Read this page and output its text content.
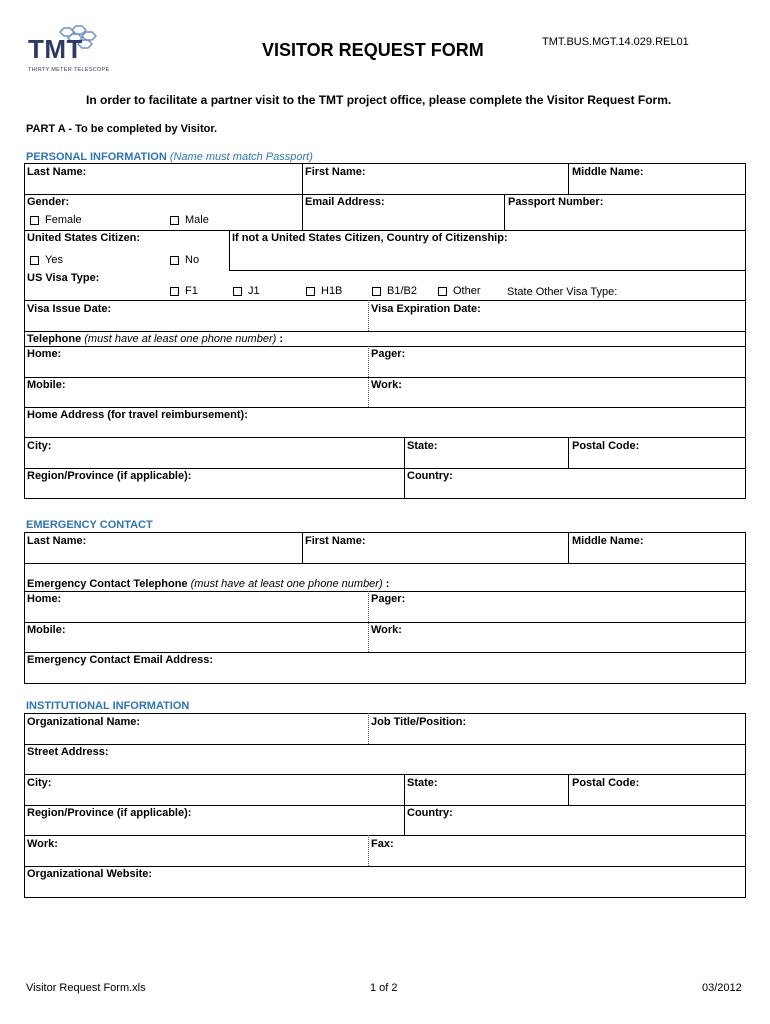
TMT
THIRTY METER TELESCOPE
VISITOR REQUEST FORM	TMT.BUS.MGT.14.029.REL01
In order to facilitate a partner visit to the TMT project office, please complete the Visitor Request Form.
PART A - To be completed by Visitor.
PERSONAL INFORMATION (Name must match Passport)
Last Name:	First Name:	Middle Name:
Gender:
Female	Male
Email Address:	Passport Number:
United States Citizen:	If not a United States Citizen, Country of Citizenship:
Yes	No
US Visa Type:
F1	J1	H1B	B1/B2	Other State Other Visa Type:
Visa Issue Date:	Visa Expiration Date:
Telephone (must have at least one phone number) :
Home:	Pager:
Mobile:	Work:
Home Address (for travel reimbursement):
City:	State:	Postal Code:
Region/Province (if applicable):	Country:
EMERGENCY CONTACT
Last Name:	First Name:	Middle Name:
Emergency Contact Telephone (must have at least one phone number) :
Home:	Pager:
Mobile:	Work:
Emergency Contact Email Address:
INSTITUTIONAL INFORMATION
Organizational Name:	Job Title/Position:
Street Address:
City:	State:	Postal Code:
Region/Province (if applicable):	Country:
Work:	Fax:
Organizational Website:
Visitor Request Form.xls	1 of 2	03/2012
